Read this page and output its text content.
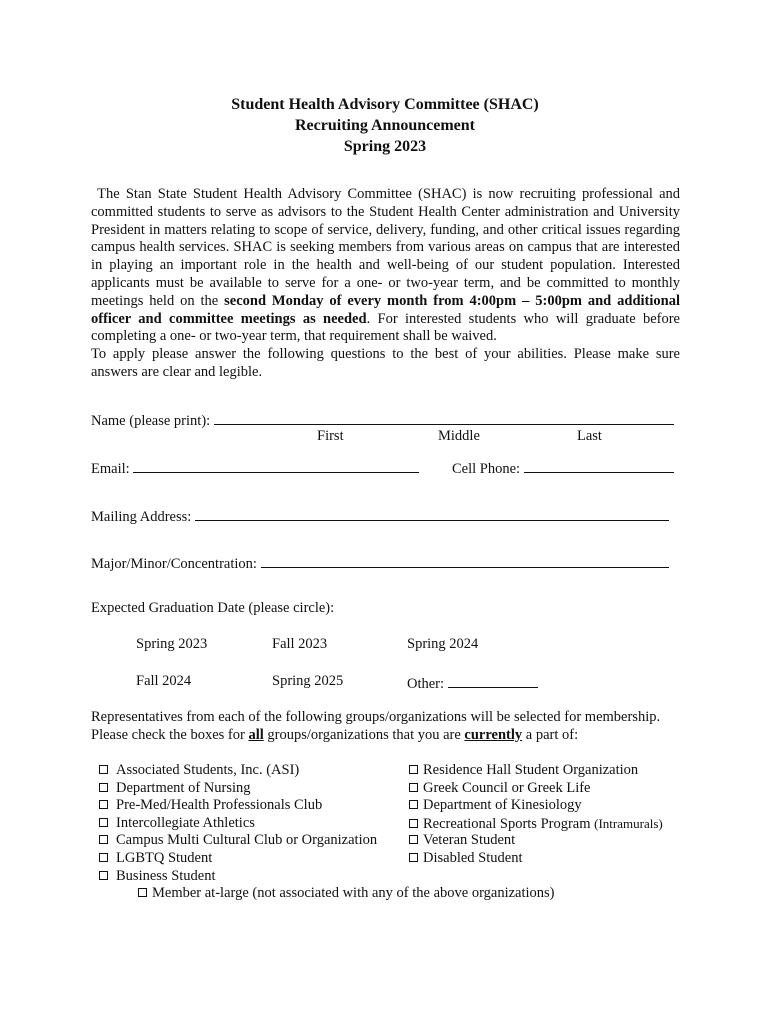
Student Health Advisory Committee (SHAC)
Recruiting Announcement
Spring 2023

The Stan State Student Health Advisory Committee (SHAC) is now recruiting professional and committed students to serve as advisors to the Student Health Center administration and University President in matters relating to scope of service, delivery, funding, and other critical issues regarding campus health services. SHAC is seeking members from various areas on campus that are interested in playing an important role in the health and well-being of our student population. Interested applicants must be available to serve for a one- or two-year term, and be committed to monthly meetings held on the second Monday of every month from 4:00pm – 5:00pm and additional officer and committee meetings as needed. For interested students who will graduate before completing a one- or two-year term, that requirement shall be waived.

To apply please answer the following questions to the best of your abilities. Please make sure answers are clear and legible.

Name (please print):
First	Middle	Last
Email:	Cell Phone:
Mailing Address:
Major/Minor/Concentration:
Expected Graduation Date (please circle):
Spring 2023	Fall 2023	Spring 2024
Fall 2024	Spring 2025	Other:
Representatives from each of the following groups/organizations will be selected for membership.
Please check the boxes for all groups/organizations that you are currently a part of:
Associated Students, Inc. (ASI)
Department of Nursing
Pre-Med/Health Professionals Club
Intercollegiate Athletics
Campus Multi Cultural Club or Organization
LGBTQ Student
Business Student
Residence Hall Student Organization
Greek Council or Greek Life
Department of Kinesiology
Recreational Sports Program (Intramurals)
Veteran Student
Disabled Student
Member at-large (not associated with any of the above organizations)
